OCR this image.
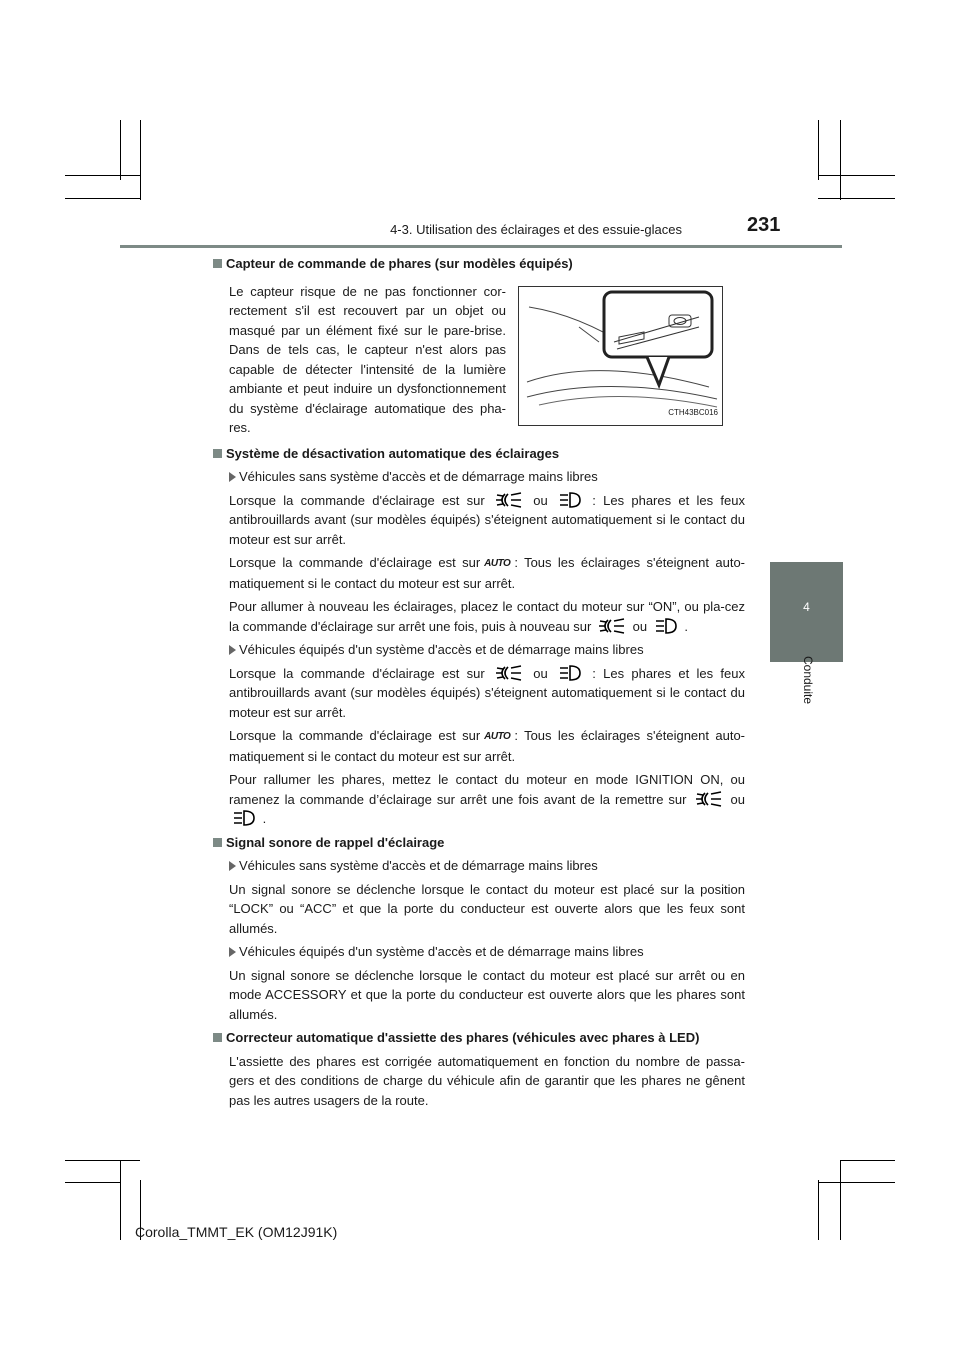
4-3. Utilisation des éclairages et des essuie-glaces	231
4
Conduite
Capteur de commande de phares (sur modèles équipés)
Le capteur risque de ne pas fonctionner cor-rectement s'il est recouvert par un objet ou masqué par un élément fixé sur le pare-brise. Dans de tels cas, le capteur n'est alors pas capable de détecter l'intensité de la lumière ambiante et peut induire un dysfonctionnement du système d'éclairage automatique des pha-res.
CTH43BC016
Système de désactivation automatique des éclairages
Véhicules sans système d'accès et de démarrage mains libres

Lorsque la commande d'éclairage est sur	ou	: Les phares et les feux antibrouillards avant (sur modèles équipés) s'éteignent automatiquement si le contact du moteur est sur arrêt.

Lorsque la commande d'éclairage est sur AUTO : Tous les éclairages s'éteignent auto-matiquement si le contact du moteur est sur arrêt.

Pour allumer à nouveau les éclairages, placez le contact du moteur sur “ON”, ou pla-cez la commande d'éclairage sur arrêt une fois, puis à nouveau sur	ou	.

Véhicules équipés d'un système d'accès et de démarrage mains libres

Lorsque la commande d'éclairage est sur	ou	: Les phares et les feux antibrouillards avant (sur modèles équipés) s'éteignent automatiquement si le contact du moteur est sur arrêt.

Lorsque la commande d'éclairage est sur AUTO : Tous les éclairages s'éteignent auto-matiquement si le contact du moteur est sur arrêt.

Pour rallumer les phares, mettez le contact du moteur en mode IGNITION ON, ou ramenez la commande d’éclairage sur arrêt une fois avant de la remettre sur	ou  .

Signal sonore de rappel d'éclairage
Véhicules sans système d'accès et de démarrage mains libres

Un signal sonore se déclenche lorsque le contact du moteur est placé sur la position “LOCK” ou “ACC” et que la porte du conducteur est ouverte alors que les feux sont allumés.

Véhicules équipés d'un système d'accès et de démarrage mains libres

Un signal sonore se déclenche lorsque le contact du moteur est placé sur arrêt ou en mode ACCESSORY et que la porte du conducteur est ouverte alors que les phares sont allumés.

Correcteur automatique d'assiette des phares (véhicules avec phares à LED)

L'assiette des phares est corrigée automatiquement en fonction du nombre de passa-gers et des conditions de charge du véhicule afin de garantir que les phares ne gênent pas les autres usagers de la route.

Corolla_TMMT_EK (OM12J91K)
